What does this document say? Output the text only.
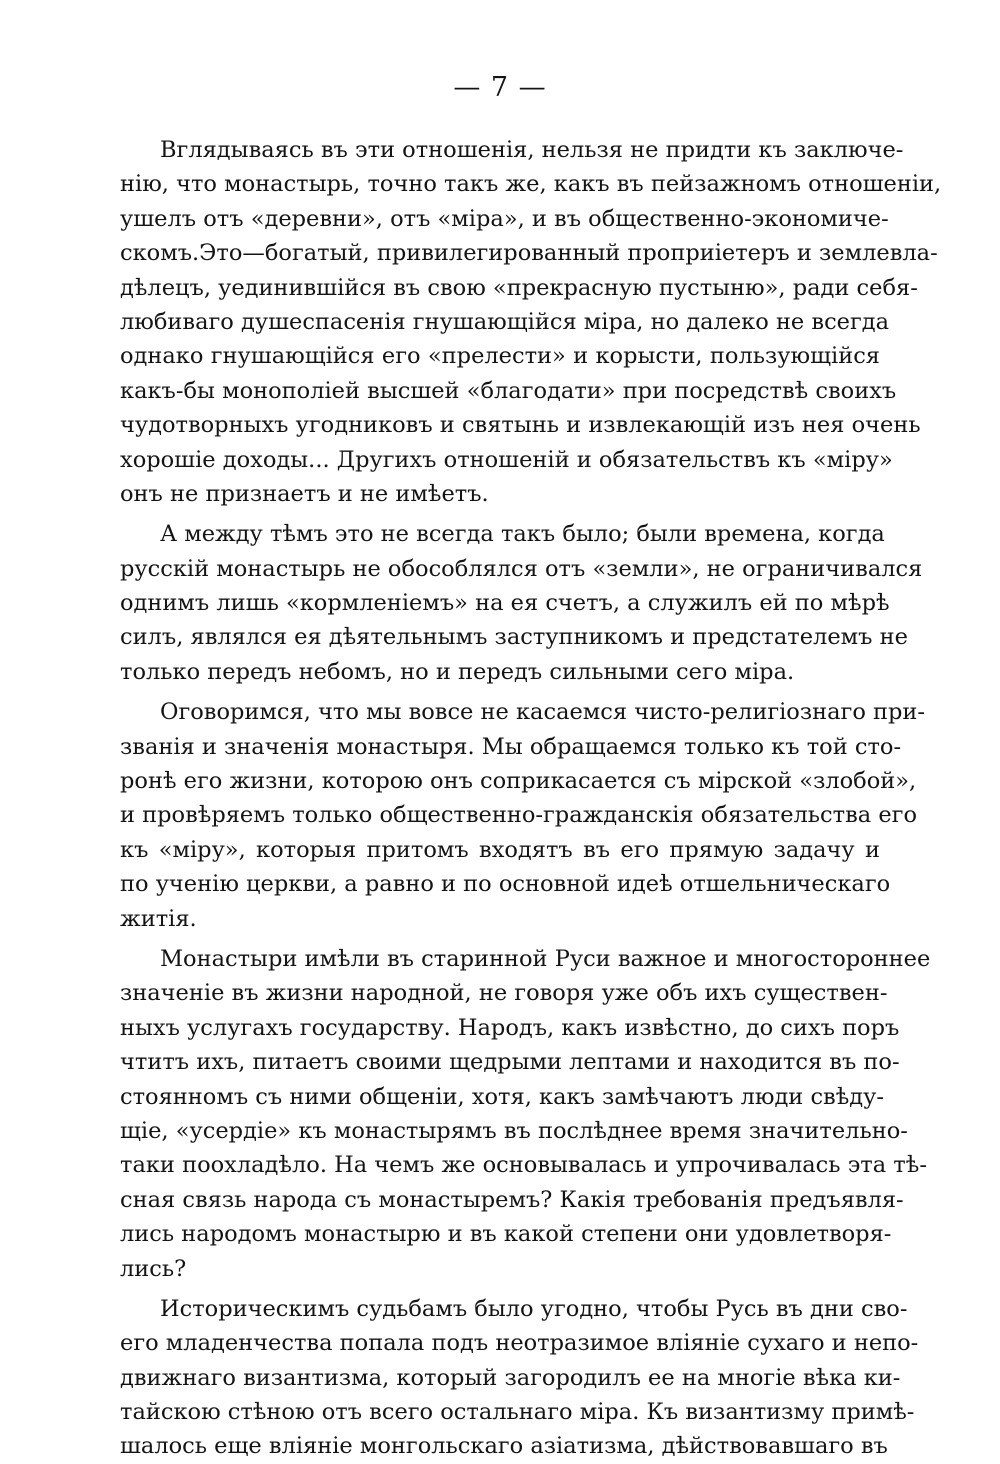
— 7 —
Вглядываясь въ эти отношенія, нельзя не придти къ заключе-
нію, что монастырь, точно такъ же, какъ въ пейзажномъ отношеніи,
ушелъ отъ «деревни», отъ «міра», и въ общественно-экономиче-
скомъ.Это—богатый, привилегированный проприіетеръ и землевла-
дѣлецъ, уединившійся въ свою «прекрасную пустыню», ради себя-
любиваго душеспасенія гнушающійся міра, но далеко не всегда
однако гнушающійся его «прелести» и корысти, пользующійся
какъ-бы монополіей высшей «благодати» при посредствѣ своихъ
чудотворныхъ угодниковъ и святынь и извлекающій изъ нея очень
хорошіе доходы... Другихъ отношеній и обязательствъ къ «міру»
онъ не признаетъ и не имѣетъ.
А между тѣмъ это не всегда такъ было; были времена, когда
русскій монастырь не обособлялся отъ «земли», не ограничивался
однимъ лишь «кормленіемъ» на ея счетъ, а служилъ ей по мѣрѣ
силъ, являлся ея дѣятельнымъ заступникомъ и предстателемъ не
только передъ небомъ, но и передъ сильными сего міра.
Оговоримся, что мы вовсе не касаемся чисто-религіознаго при-
званія и значенія монастыря. Мы обращаемся только къ той сто-
ронѣ его жизни, которою онъ соприкасается съ мірской «злобой»,
и провѣряемъ только общественно-гражданскія обязательства его
къ «міру», которыя притомъ входятъ въ его прямую задачу и
по ученію церкви, а равно и по основной идеѣ отшельническаго
житія.
Монастыри имѣли въ старинной Руси важное и многостороннее
значеніе въ жизни народной, не говоря уже объ ихъ существен-
ныхъ услугахъ государству. Народъ, какъ извѣстно, до сихъ поръ
чтитъ ихъ, питаетъ своими щедрыми лептами и находится въ по-
стоянномъ съ ними общеніи, хотя, какъ замѣчаютъ люди свѣду-
щіе, «усердіе» къ монастырямъ въ послѣднее время значительно-
таки поохладѣло. На чемъ же основывалась и упрочивалась эта тѣ-
сная связь народа съ монастыремъ? Какія требованія предъявля-
лись народомъ монастырю и въ какой степени они удовлетворя-
лись?
Историческимъ судьбамъ было угодно, чтобы Русь въ дни сво-
его младенчества попала подъ неотразимое вліяніе сухаго и непо-
движнаго византизма, который загородилъ ее на многіе вѣка ки-
тайскою стѣною отъ всего остальнаго міра. Къ византизму примѣ-
шалось еще вліяніе монгольскаго азіатизма, дѣйствовавшаго въ
